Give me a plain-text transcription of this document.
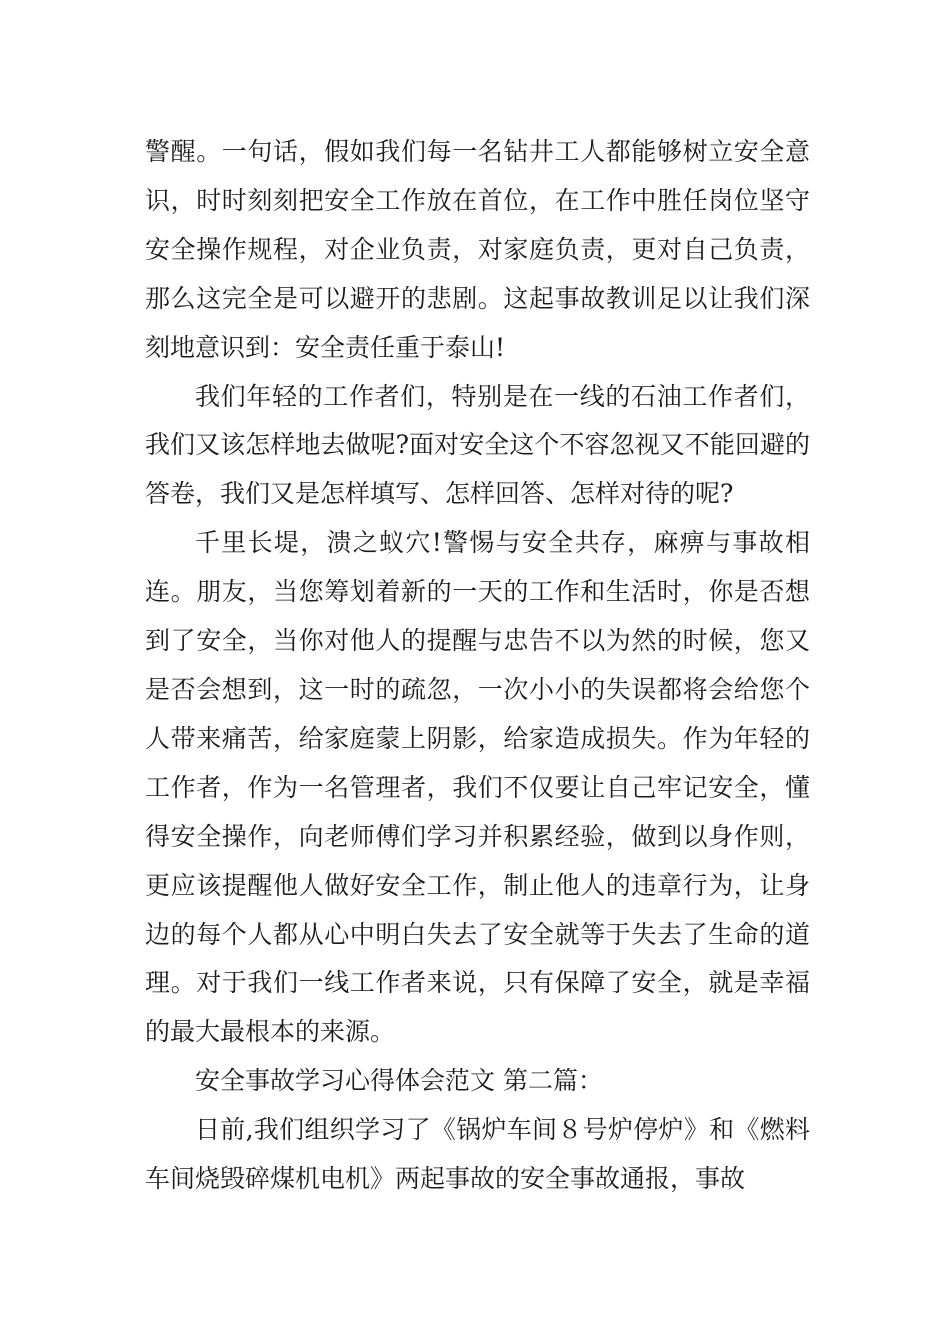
警醒。一句话，假如我们每一名钻井工人都能够树立安全意识，时时刻刻把安全工作放在首位，在工作中胜任岗位坚守安全操作规程，对企业负责，对家庭负责，更对自己负责，那么这完全是可以避开的悲剧。这起事故教训足以让我们深刻地意识到：安全责任重于泰山!

我们年轻的工作者们，特别是在一线的石油工作者们，我们又该怎样地去做呢?面对安全这个不容忽视又不能回避的答卷，我们又是怎样填写、怎样回答、怎样对待的呢?

千里长堤，溃之蚁穴!警惕与安全共存，麻痹与事故相连。朋友，当您筹划着新的一天的工作和生活时，你是否想到了安全，当你对他人的提醒与忠告不以为然的时候，您又是否会想到，这一时的疏忽，一次小小的失误都将会给您个人带来痛苦，给家庭蒙上阴影，给家造成损失。作为年轻的工作者，作为一名管理者，我们不仅要让自己牢记安全，懂得安全操作，向老师傅们学习并积累经验，做到以身作则，更应该提醒他人做好安全工作，制止他人的违章行为，让身边的每个人都从心中明白失去了安全就等于失去了生命的道理。对于我们一线工作者来说，只有保障了安全，就是幸福的最大最根本的来源。

安全事故学习心得体会范文 第二篇：

日前,我们组织学习了《锅炉车间８号炉停炉》和《燃料车间烧毁碎煤机电机》两起事故的安全事故通报，事故
